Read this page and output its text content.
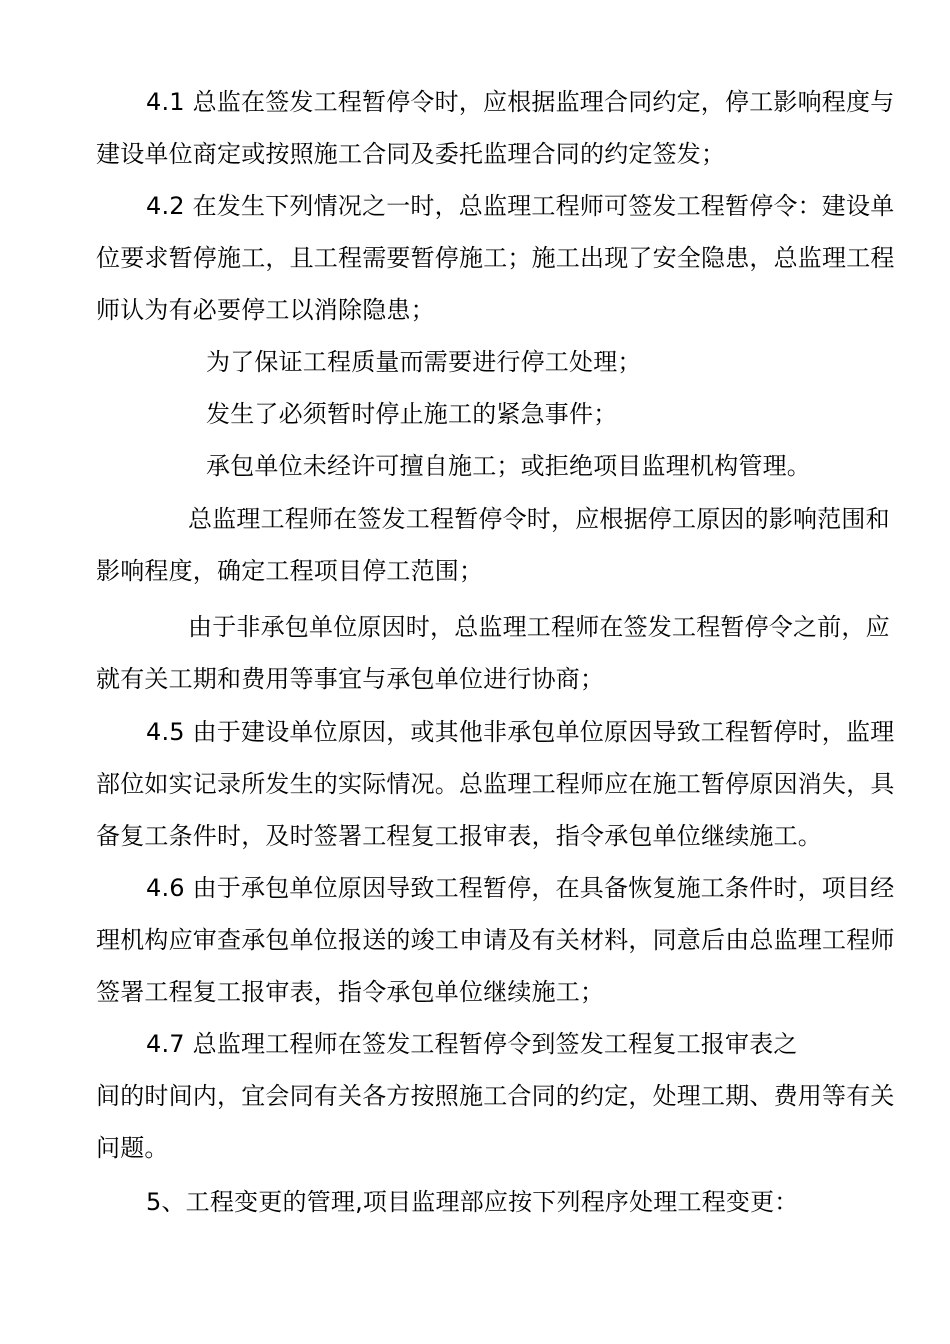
4.1 总监在签发工程暂停令时，应根据监理合同约定，停工影响程度与建设单位商定或按照施工合同及委托监理合同的约定签发；

4.2 在发生下列情况之一时，总监理工程师可签发工程暂停令：建设单位要求暂停施工，且工程需要暂停施工；施工出现了安全隐患，总监理工程师认为有必要停工以消除隐患；

为了保证工程质量而需要进行停工处理；

发生了必须暂时停止施工的紧急事件；

承包单位未经许可擅自施工；或拒绝项目监理机构管理。

总监理工程师在签发工程暂停令时，应根据停工原因的影响范围和影响程度，确定工程项目停工范围；

由于非承包单位原因时，总监理工程师在签发工程暂停令之前，应就有关工期和费用等事宜与承包单位进行协商；

4.5 由于建设单位原因，或其他非承包单位原因导致工程暂停时，监理部位如实记录所发生的实际情况。总监理工程师应在施工暂停原因消失，具备复工条件时，及时签署工程复工报审表，指令承包单位继续施工。

4.6 由于承包单位原因导致工程暂停，在具备恢复施工条件时，项目经理机构应审查承包单位报送的竣工申请及有关材料，同意后由总监理工程师签署工程复工报审表，指令承包单位继续施工；

4.7 总监理工程师在签发工程暂停令到签发工程复工报审表之

间的时间内，宜会同有关各方按照施工合同的约定，处理工期、费用等有关问题。

5、工程变更的管理,项目监理部应按下列程序处理工程变更：
